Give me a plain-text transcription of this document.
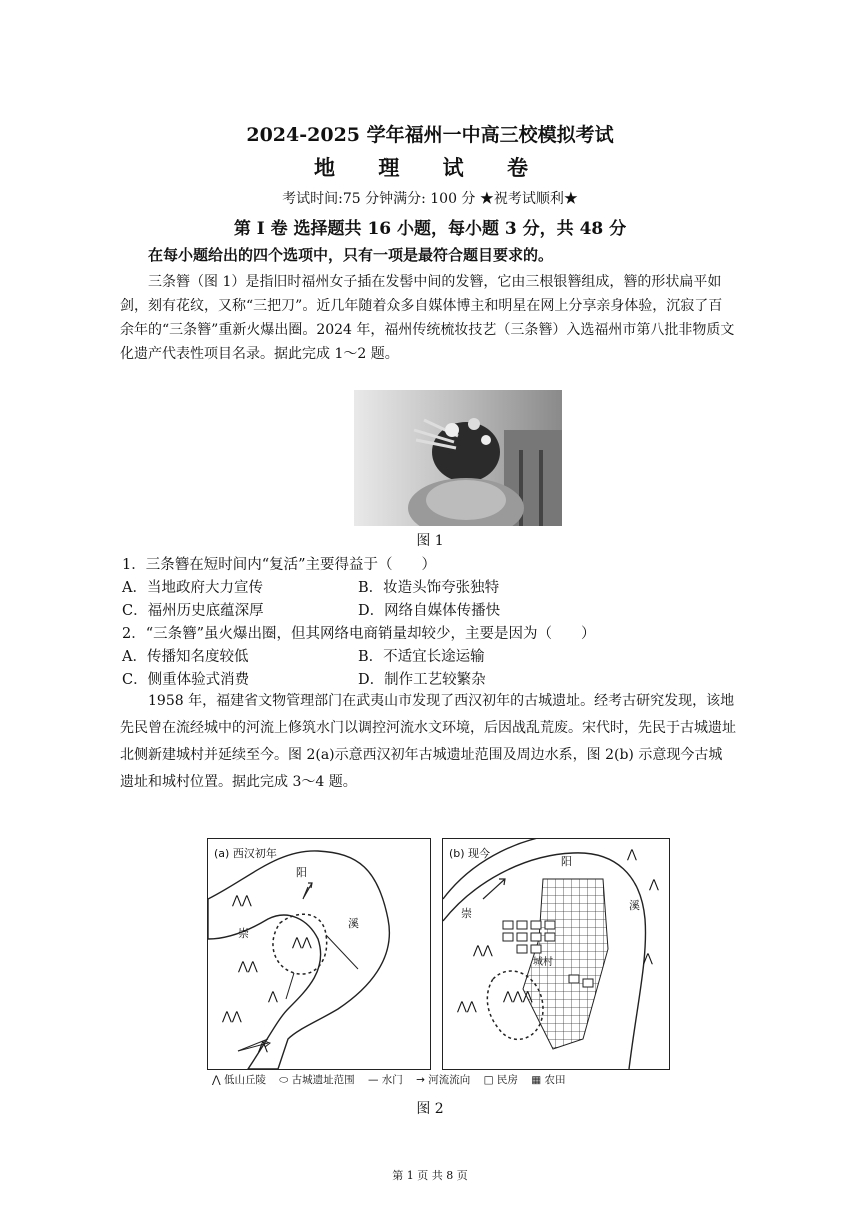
2024-2025 学年福州一中高三校模拟考试
地 理 试 卷
考试时间:75 分钟满分: 100 分 ★祝考试顺利★
第 I 卷 选择题共 16 小题，每小题 3 分，共 48 分
在每小题给出的四个选项中，只有一项是最符合题目要求的。

三条簪（图 1）是指旧时福州女子插在发髻中间的发簪，它由三根银簪组成，簪的形状扁平如剑，刻有花纹，又称“三把刀”。近几年随着众多自媒体博主和明星在网上分享亲身体验，沉寂了百余年的“三条簪”重新火爆出圈。2024 年，福州传统梳妆技艺（三条簪）入选福州市第八批非物质文化遗产代表性项目名录。据此完成 1～2 题。

图 1
1．三条簪在短时间内“复活”主要得益于（　　）
A．当地政府大力宣传	B．妆造头饰夸张独特
C．福州历史底蕴深厚	D．网络自媒体传播快
2．“三条簪”虽火爆出圈，但其网络电商销量却较少，主要是因为（　　）
A．传播知名度较低	B．不适宜长途运输
C．侧重体验式消费	D．制作工艺较繁杂

1958 年，福建省文物管理部门在武夷山市发现了西汉初年的古城遗址。经考古研究发现，该地先民曾在流经城中的河流上修筑水门以调控河流水文环境，后因战乱荒废。宋代时，先民于古城遗址北侧新建城村并延续至今。图 2(a)示意西汉初年古城遗址范围及周边水系，图 2(b) 示意现今古城遗址和城村位置。据此完成 3～4 题。

(a) 西汉初年
阳
崇
溪
⋀⋀
⋀⋀
⋀⋀
⋀⋀
⋀
⋀
(b) 现今
阳
溪
崇
城村
⋀
⋀
⋀⋀
⋀⋀
⋀⋀⋀
⋀
⋀ 低山丘陵 ⬭ 古城遗址范围 — 水门 → 河流流向 □ 民房 ▦ 农田
图 2
第 1 页 共 8 页
